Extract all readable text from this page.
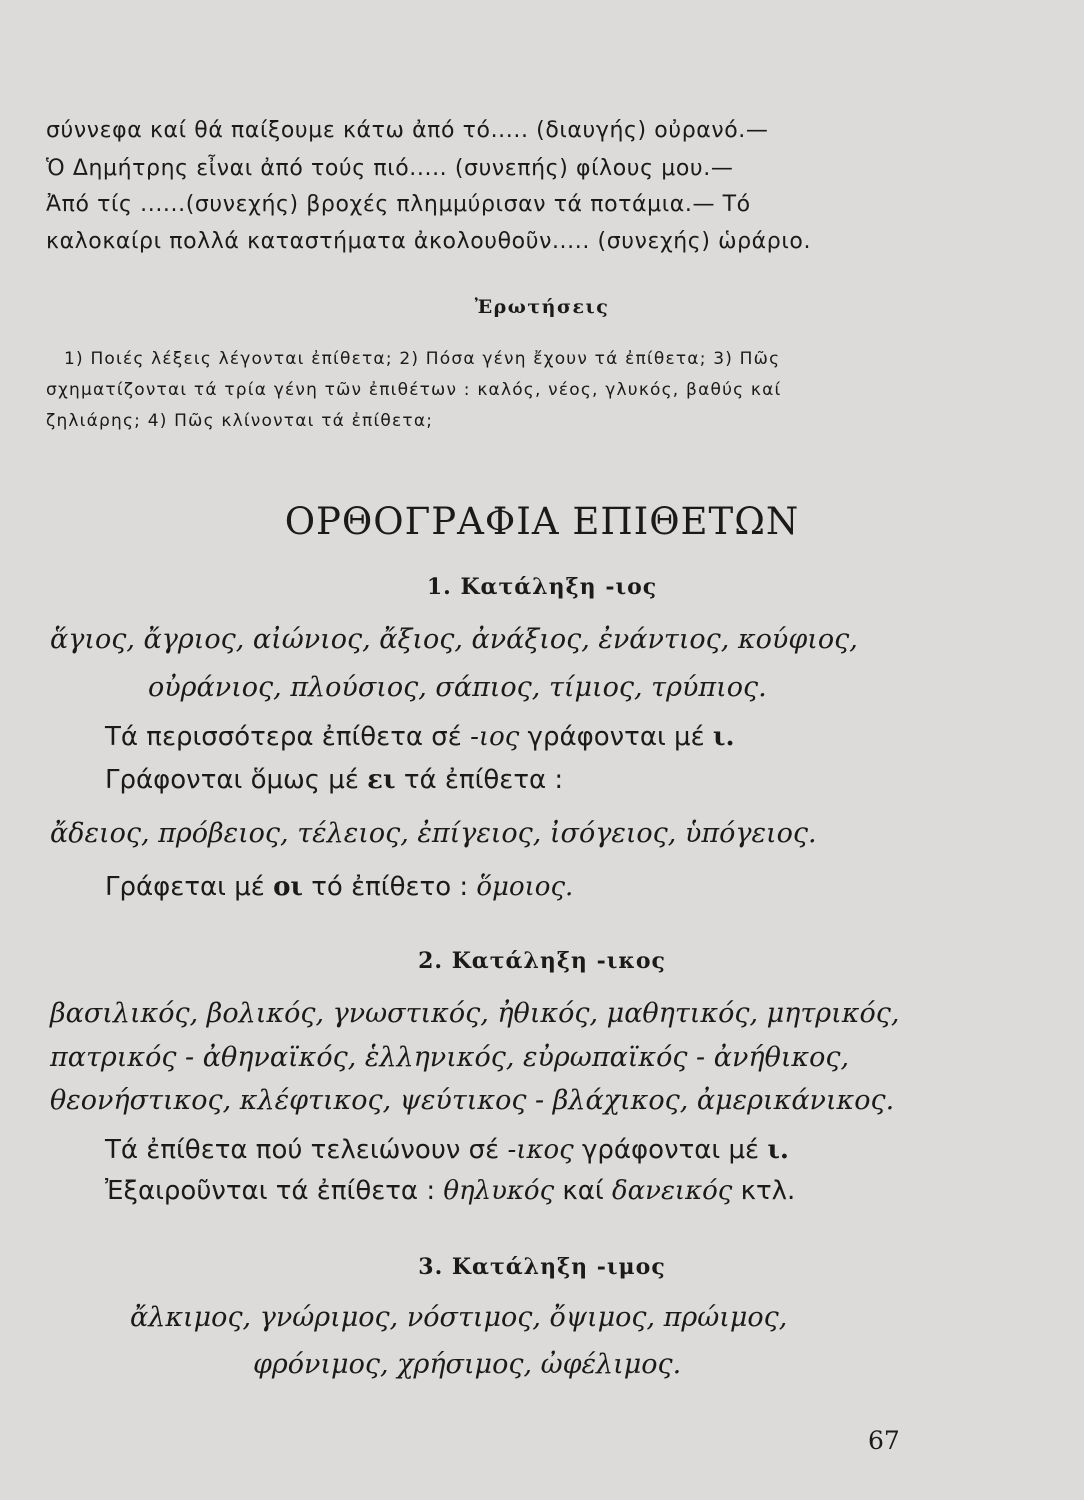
σύννεφα καί θά παίξουμε κάτω ἀπό τό..... (διαυγής) οὐρανό.—
Ὁ Δημήτρης εἶναι ἀπό τούς πιό..... (συνεπής) φίλους μου.—
Ἀπό τίς ......(συνεχής) βροχές πλημμύρισαν τά ποτάμια.— Τό
καλοκαίρι πολλά καταστήματα ἀκολουθοῦν..... (συνεχής) ὡράριο.
Ἐρωτήσεις
1) Ποιές λέξεις λέγονται ἐπίθετα; 2) Πόσα γένη ἔχουν τά ἐπίθετα; 3) Πῶς
σχηματίζονται τά τρία γένη τῶν ἐπιθέτων : καλός, νέος, γλυκός, βαθύς καί
ζηλιάρης; 4) Πῶς κλίνονται τά ἐπίθετα;
ΟΡΘΟΓΡΑΦΙΑ ΕΠΙΘΕΤΩΝ
1. Κατάληξη -ιος
ἅγιος, ἄγριος, αἰώνιος, ἄξιος, ἀνάξιος, ἐνάντιος, κούφιος,
οὐράνιος, πλούσιος, σάπιος, τίμιος, τρύπιος.
Τά περισσότερα ἐπίθετα σέ -ιος γράφονται μέ ι.
Γράφονται ὅμως μέ ει τά ἐπίθετα :
ἄδειος, πρόβειος, τέλειος, ἐπίγειος, ἰσόγειος, ὑπόγειος.
Γράφεται μέ οι τό ἐπίθετο : ὅμοιος.
2. Κατάληξη -ικος
βασιλικός, βολικός, γνωστικός, ἠθικός, μαθητικός, μητρικός,
πατρικός - ἀθηναϊκός, ἑλληνικός, εὐρωπαϊκός - ἀνήθικος,
θεονήστικος, κλέφτικος, ψεύτικος - βλάχικος, ἀμερικάνικος.
Τά ἐπίθετα πού τελειώνουν σέ -ικος γράφονται μέ ι.
Ἐξαιροῦνται τά ἐπίθετα : θηλυκός καί δανεικός κτλ.
3. Κατάληξη -ιμος
ἄλκιμος, γνώριμος, νόστιμος, ὄψιμος, πρώιμος,
φρόνιμος, χρήσιμος, ὠφέλιμος.
67
